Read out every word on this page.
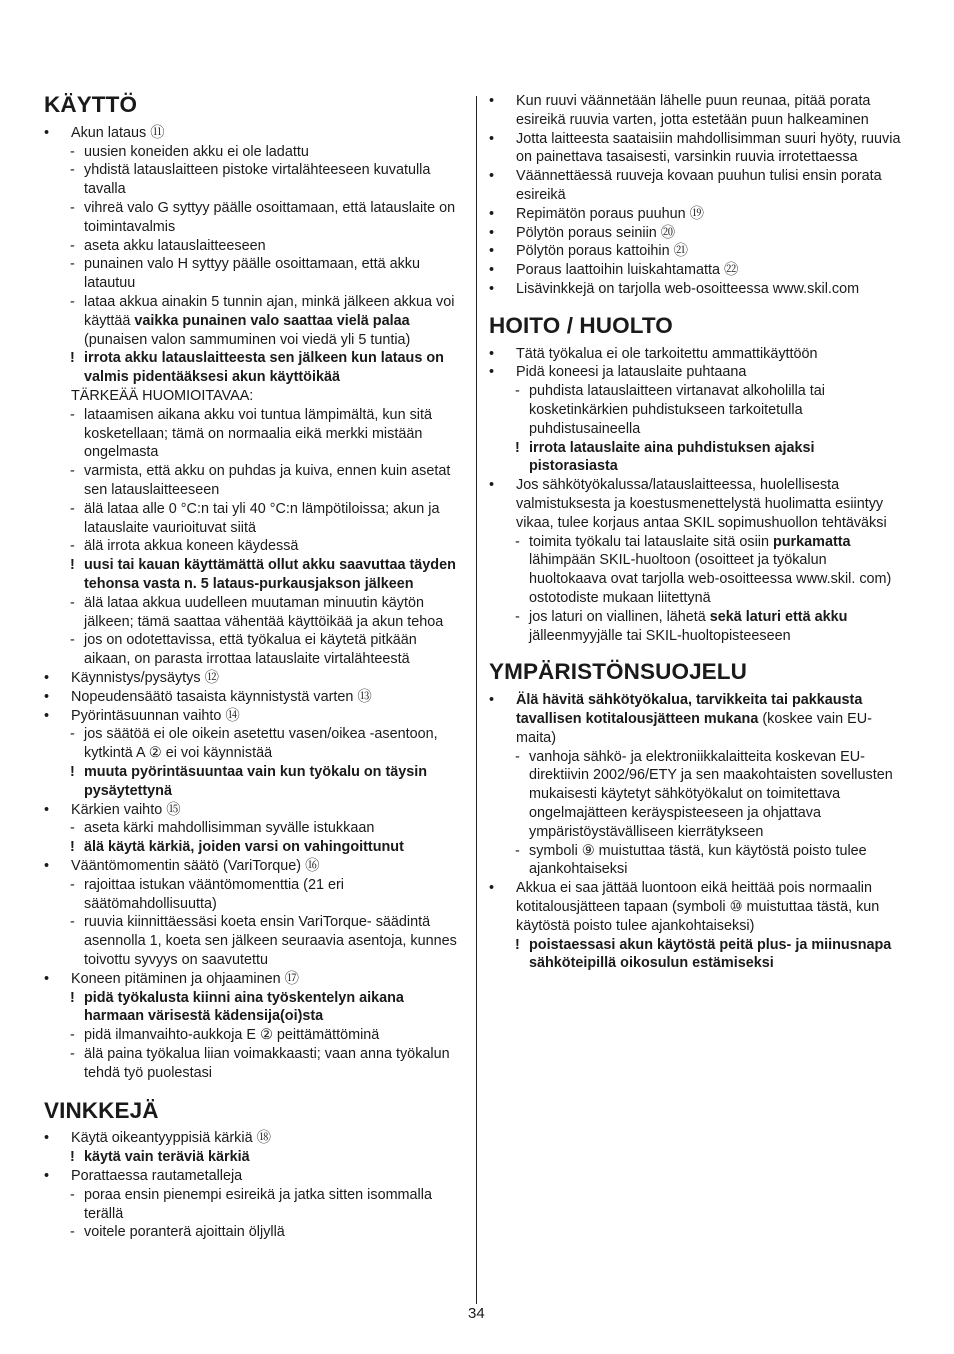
KÄYTTÖ
• Akun lataus ⑪
- uusien koneiden akku ei ole ladattu
- yhdistä latauslaitteen pistoke virtalähteeseen kuvatulla tavalla
- vihreä valo G syttyy päälle osoittamaan, että latauslaite on toimintavalmis
- aseta akku latauslaitteeseen
- punainen valo H syttyy päälle osoittamaan, että akku latautuu
- lataa akkua ainakin 5 tunnin ajan, minkä jälkeen akkua voi käyttää vaikka punainen valo saattaa vielä palaa (punaisen valon sammuminen voi viedä yli 5 tuntia)
! irrota akku latauslaitteesta sen jälkeen kun lataus on valmis pidentääksesi akun käyttöikää
TÄRKEÄÄ HUOMIOITAVAA:
- lataamisen aikana akku voi tuntua lämpimältä, kun sitä kosketellaan; tämä on normaalia eikä merkki mistään ongelmasta
- varmista, että akku on puhdas ja kuiva, ennen kuin asetat sen latauslaitteeseen
- älä lataa alle 0 °C:n tai yli 40 °C:n lämpötiloissa; akun ja latauslaite vaurioituvat siitä
- älä irrota akkua koneen käydessä
! uusi tai kauan käyttämättä ollut akku saavuttaa täyden tehonsa vasta n. 5 lataus-purkausjakson jälkeen
- älä lataa akkua uudelleen muutaman minuutin käytön jälkeen; tämä saattaa vähentää käyttöikää ja akun tehoa
- jos on odotettavissa, että työkalua ei käytetä pitkään aikaan, on parasta irrottaa latauslaite virtalähteestä
• Käynnistys/pysäytys ⑫
• Nopeudensäätö tasaista käynnistystä varten ⑬
• Pyörintäsuunnan vaihto ⑭
- jos säätöä ei ole oikein asetettu vasen/oikea -asentoon, kytkintä A ② ei voi käynnistää
! muuta pyörintäsuuntaa vain kun työkalu on täysin pysäytettynä
• Kärkien vaihto ⑮
- aseta kärki mahdollisimman syvälle istukkaan
! älä käytä kärkiä, joiden varsi on vahingoittunut
• Vääntömomentin säätö (VariTorque) ⑯
- rajoittaa istukan vääntömomenttia (21 eri säätömahdollisuutta)
- ruuvia kiinnittäessäsi koeta ensin VariTorque- säädintä asennolla 1, koeta sen jälkeen seuraavia asentoja, kunnes toivottu syvyys on saavutettu
• Koneen pitäminen ja ohjaaminen ⑰
! pidä työkalusta kiinni aina työskentelyn aikana harmaan värisestä kädensija(oi)sta
- pidä ilmanvaihto-aukkoja E ② peittämättöminä
- älä paina työkalua liian voimakkaasti; vaan anna työkalun tehdä työ puolestasi
VINKKEJÄ
• Käytä oikeantyyppisiä kärkiä ⑱
! käytä vain teräviä kärkiä
• Porattaessa rautametalleja
- poraa ensin pienempi esireikä ja jatka sitten isommalla terällä
- voitele poranterä ajoittain öljyllä
• Kun ruuvi väännetään lähelle puun reunaa, pitää porata esireikä ruuvia varten, jotta estetään puun halkeaminen
• Jotta laitteesta saataisiin mahdollisimman suuri hyöty, ruuvia on painettava tasaisesti, varsinkin ruuvia irrotettaessa
• Väännettäessä ruuveja kovaan puuhun tulisi ensin porata esireikä
• Repimätön poraus puuhun ⑲
• Pölytön poraus seiniin ⑳
• Pölytön poraus kattoihin ㉑
• Poraus laattoihin luiskahtamatta ㉒
• Lisävinkkejä on tarjolla web-osoitteessa www.skil.com
HOITO / HUOLTO
• Tätä työkalua ei ole tarkoitettu ammattikäyttöön
• Pidä koneesi ja latauslaite puhtaana
- puhdista latauslaitteen virtanavat alkoholilla tai kosketinkärkien puhdistukseen tarkoitetulla puhdistusaineella
! irrota latauslaite aina puhdistuksen ajaksi pistorasiasta
• Jos sähkötyökalussa/latauslaitteessa, huolellisesta valmistuksesta ja koestusmenettelystä huolimatta esiintyy vikaa, tulee korjaus antaa SKIL sopimushuollon tehtäväksi
- toimita työkalu tai latauslaite sitä osiin purkamatta lähimpään SKIL-huoltoon (osoitteet ja työkalun huoltokaava ovat tarjolla web-osoitteessa www.skil. com) ostotodiste mukaan liitettynä
- jos laturi on viallinen, lähetä sekä laturi että akku jälleenmyyjälle tai SKIL-huoltopisteeseen
YMPÄRISTÖNSUOJELU
• Älä hävitä sähkötyökalua, tarvikkeita tai pakkausta tavallisen kotitalousjätteen mukana (koskee vain EU-maita)
- vanhoja sähkö- ja elektroniikkalaitteita koskevan EU-direktiivin 2002/96/ETY ja sen maakohtaisten sovellusten mukaisesti käytetyt sähkötyökalut on toimitettava ongelmajätteen keräyspisteeseen ja ohjattava ympäristöystävälliseen kierrätykseen
- symboli ⑨ muistuttaa tästä, kun käytöstä poisto tulee ajankohtaiseksi
• Akkua ei saa jättää luontoon eikä heittää pois normaalin kotitalousjätteen tapaan (symboli ⑩ muistuttaa tästä, kun käytöstä poisto tulee ajankohtaiseksi)
! poistaessasi akun käytöstä peitä plus- ja miinusnapa sähköteipillä oikosulun estämiseksi
34
